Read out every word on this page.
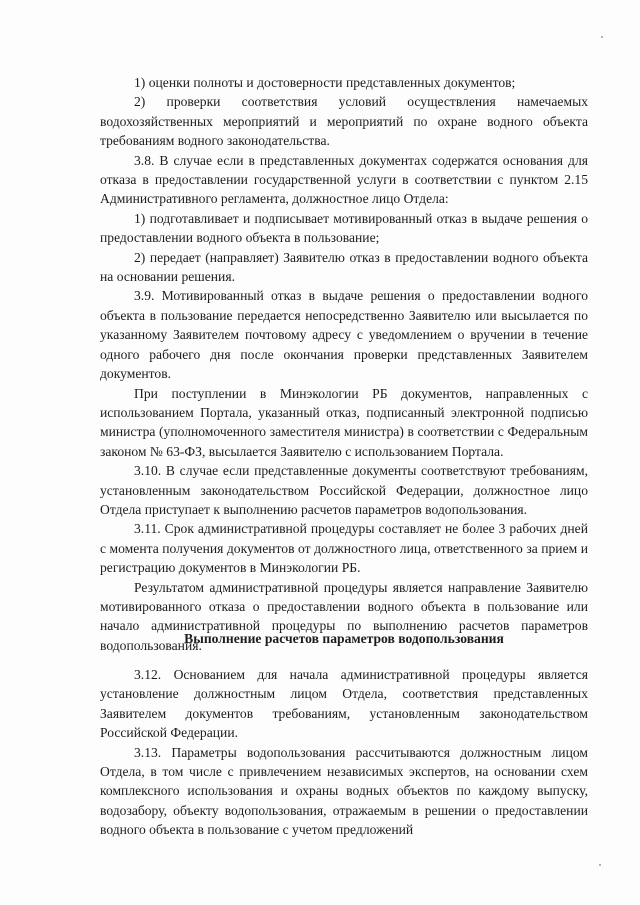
1) оценки полноты и достоверности представленных документов;

2) проверки соответствия условий осуществления намечаемых водохозяйственных мероприятий и мероприятий по охране водного объекта требованиям водного законодательства.

3.8. В случае если в представленных документах содержатся основания для отказа в предоставлении государственной услуги в соответствии с пунктом 2.15 Административного регламента, должностное лицо Отдела:

1) подготавливает и подписывает мотивированный отказ в выдаче решения о предоставлении водного объекта в пользование;

2) передает (направляет) Заявителю отказ в предоставлении водного объекта на основании решения.

3.9. Мотивированный отказ в выдаче решения о предоставлении водного объекта в пользование передается непосредственно Заявителю или высылается по указанному Заявителем почтовому адресу с уведомлением о вручении в течение одного рабочего дня после окончания проверки представленных Заявителем документов.

При поступлении в Минэкологии РБ документов, направленных с использованием Портала, указанный отказ, подписанный электронной подписью министра (уполномоченного заместителя министра) в соответствии с Федеральным законом № 63-ФЗ, высылается Заявителю с использованием Портала.

3.10. В случае если представленные документы соответствуют требованиям, установленным законодательством Российской Федерации, должностное лицо Отдела приступает к выполнению расчетов параметров водопользования.

3.11. Срок административной процедуры составляет не более 3 рабочих дней с момента получения документов от должностного лица, ответственного за прием и регистрацию документов в Минэкологии РБ.

Результатом административной процедуры является направление Заявителю мотивированного отказа о предоставлении водного объекта в пользование или начало административной процедуры по выполнению расчетов параметров водопользования.

Выполнение расчетов параметров водопользования

3.12. Основанием для начала административной процедуры является установление должностным лицом Отдела, соответствия представленных Заявителем документов требованиям, установленным законодательством Российской Федерации.

3.13. Параметры водопользования рассчитываются должностным лицом Отдела, в том числе с привлечением независимых экспертов, на основании схем комплексного использования и охраны водных объектов по каждому выпуску, водозабору, объекту водопользования, отражаемым в решении о предоставлении водного объекта в пользование с учетом предложений
